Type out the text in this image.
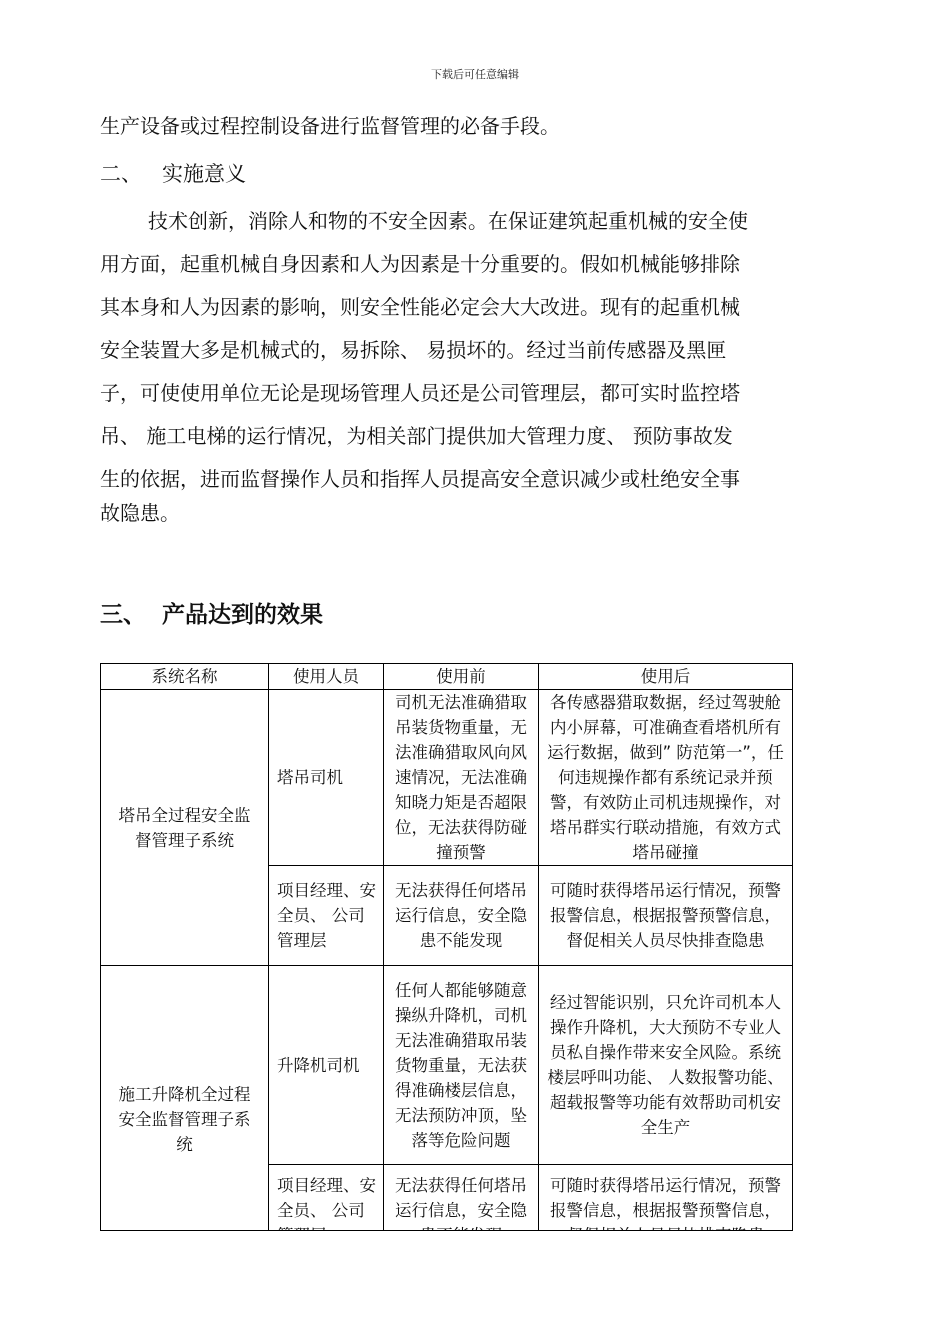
下载后可任意编辑
生产设备或过程控制设备进行监督管理的必备手段。
二、 实施意义
技术创新，消除人和物的不安全因素。在保证建筑起重机械的安全使
用方面，起重机械自身因素和人为因素是十分重要的。假如机械能够排除
其本身和人为因素的影响，则安全性能必定会大大改进。现有的起重机械
安全装置大多是机械式的，易拆除、 易损坏的。经过当前传感器及黑匣
子，可使使用单位无论是现场管理人员还是公司管理层，都可实时监控塔
吊、 施工电梯的运行情况，为相关部门提供加大管理力度、 预防事故发
生的依据，进而监督操作人员和指挥人员提高安全意识减少或杜绝安全事
故隐患。
三、 产品达到的效果
系统名称	使用人员	使用前	使用后
塔吊全过程安全监督管理子系统	塔吊司机	司机无法准确猎取吊装货物重量，无法准确猎取风向风速情况，无法准确知晓力矩是否超限位，无法获得防碰撞预警	各传感器猎取数据，经过驾驶舱内小屏幕，可准确查看塔机所有运行数据，做到” 防范第一”，任何违规操作都有系统记录并预警，有效防止司机违规操作，对塔吊群实行联动措施，有效方式塔吊碰撞
	项目经理、安全员、 公司管理层	无法获得任何塔吊运行信息，安全隐患不能发现	可随时获得塔吊运行情况，预警报警信息，根据报警预警信息，督促相关人员尽快排查隐患
施工升降机全过程安全监督管理子系统	升降机司机	任何人都能够随意操纵升降机，司机无法准确猎取吊装货物重量，无法获得准确楼层信息，无法预防冲顶，坠落等危险问题	经过智能识别，只允许司机本人操作升降机，大大预防不专业人员私自操作带来安全风险。系统楼层呼叫功能、 人数报警功能、 超载报警等功能有效帮助司机安全生产
	项目经理、安全员、 公司	无法获得任何塔吊运行信息，安全隐	可随时获得塔吊运行情况，预警报警信息，根据报警预警信息，
